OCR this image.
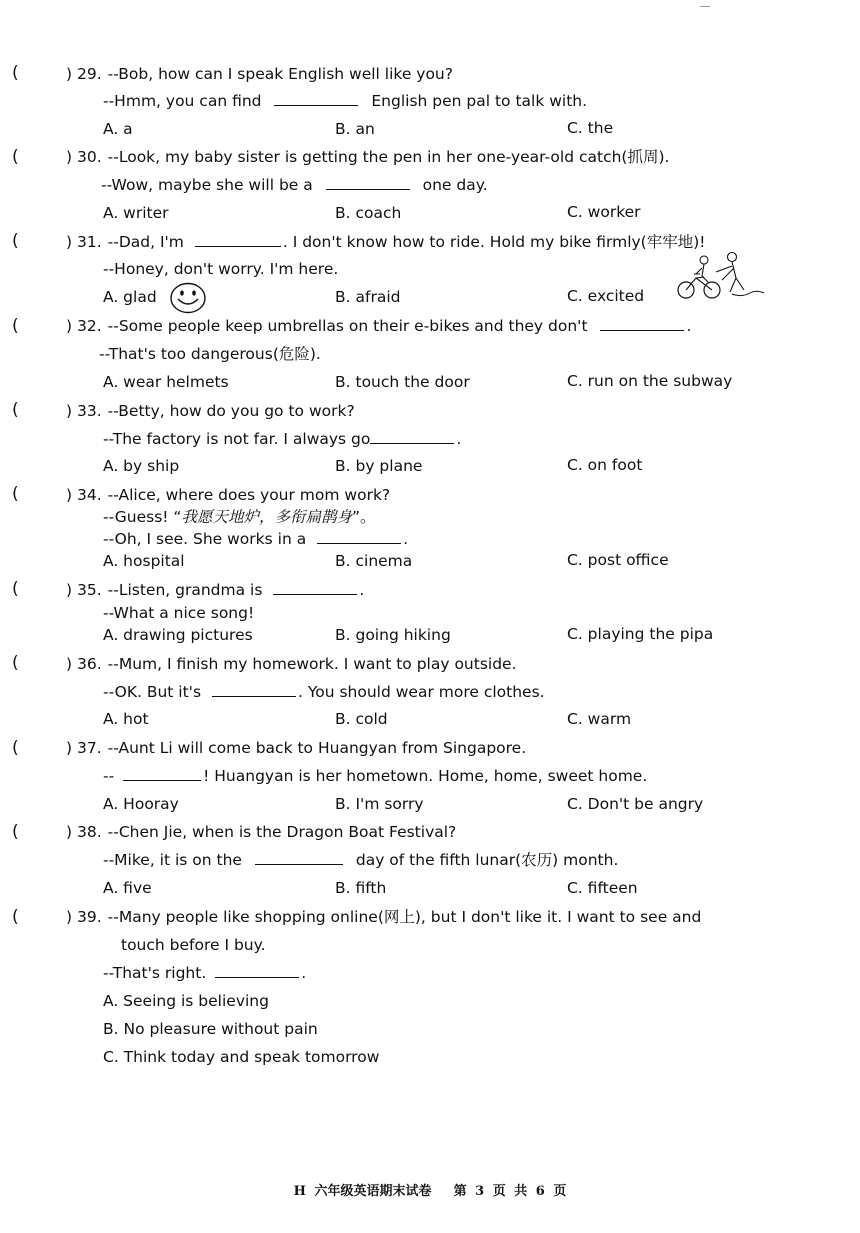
(	) 29. --Bob, how can I speak English well like you?
--Hmm, you can find	English pen pal to talk with.
A. a	B. an	C. the
(	) 30. --Look, my baby sister is getting the pen in her one-year-old catch(抓周).
--Wow, maybe she will be a	one day.
A. writer	B. coach	C. worker
(	) 31. --Dad, I'm	. I don't know how to ride. Hold my bike firmly(牢牢地)!
--Honey, don't worry. I'm here.
A. glad	B. afraid	C. excited
(	) 32. --Some people keep umbrellas on their e-bikes and they don't	.
--That's too dangerous(危险).
A. wear helmets	B. touch the door	C. run on the subway
(	) 33. --Betty, how do you go to work?
--The factory is not far. I always go	.
A. by ship	B. by plane	C. on foot
(	) 34. --Alice, where does your mom work?
--Guess! “我愿天地炉，多衔扁鹊身”。
--Oh, I see. She works in a	.
A. hospital	B. cinema	C. post office
(	) 35. --Listen, grandma is	.
--What a nice song!
A. drawing pictures	B. going hiking	C. playing the pipa
(	) 36. --Mum, I finish my homework. I want to play outside.
--OK. But it's	. You should wear more clothes.
A. hot	B. cold	C. warm
(	) 37. --Aunt Li will come back to Huangyan from Singapore.
--	! Huangyan is her hometown. Home, home, sweet home.
A. Hooray	B. I'm sorry	C. Don't be angry
(	) 38. --Chen Jie, when is the Dragon Boat Festival?
--Mike, it is on the	day of the fifth lunar(农历) month.
A. five	B. fifth	C. fifteen
(	) 39. --Many people like shopping online(网上), but I don't like it. I want to see and
touch before I buy.
--That's right.	.
A. Seeing is believing
B. No pleasure without pain
C. Think today and speak tomorrow
H 六年级英语期末试卷 第 3 页 共 6 页
